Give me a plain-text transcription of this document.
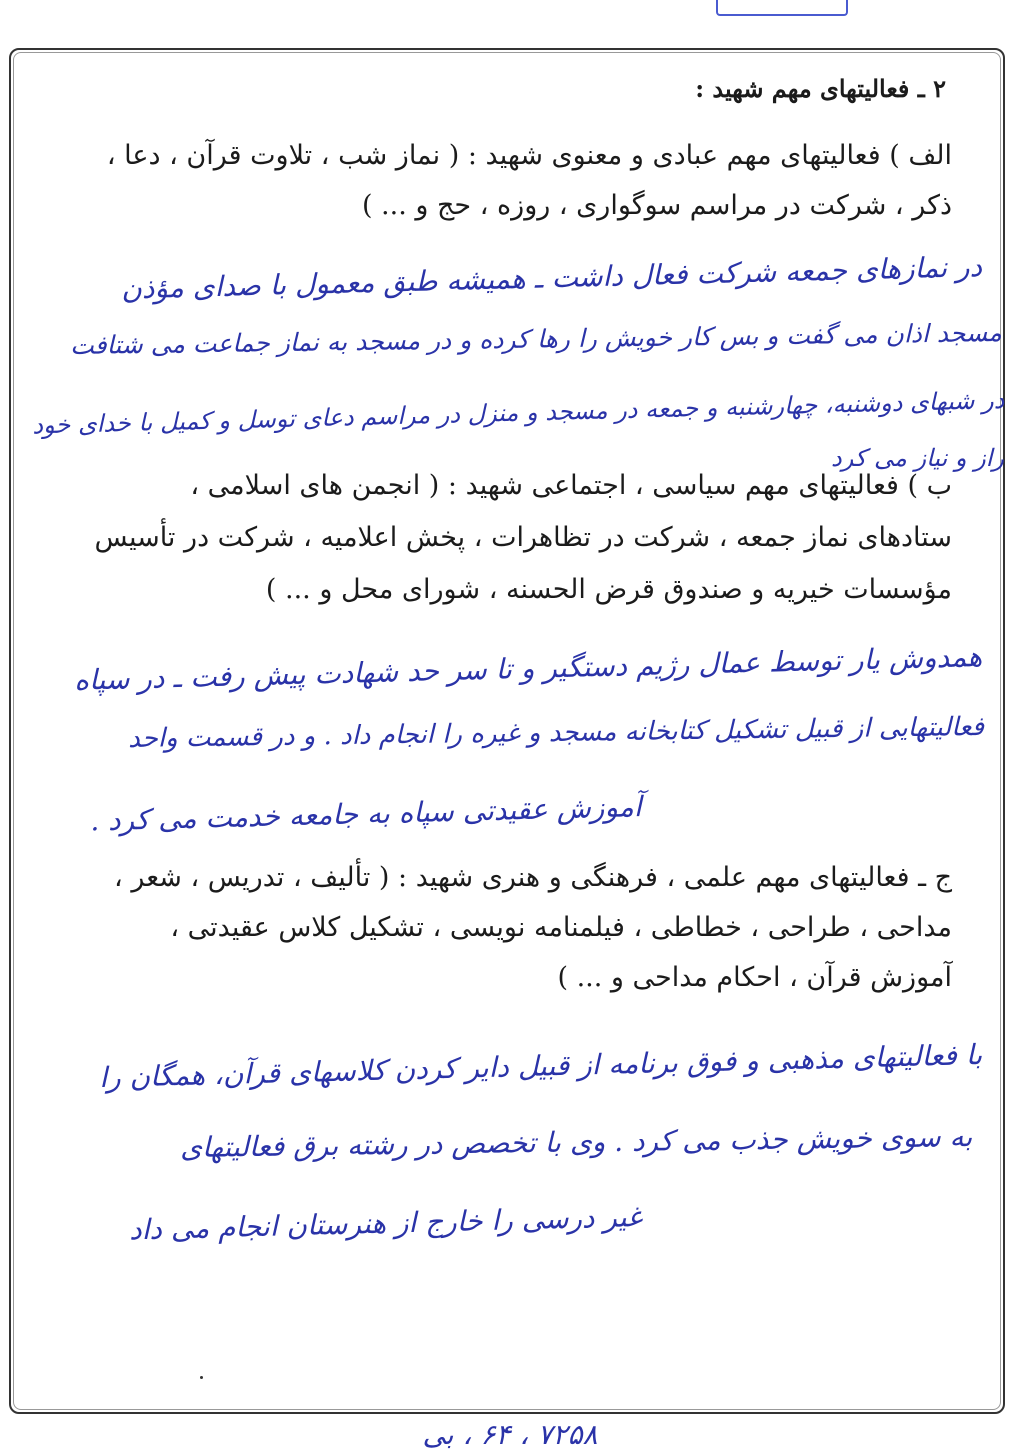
۲ ـ فعالیتهای مهم شهید :
الف ) فعالیتهای مهم عبادی و معنوی شهید : ( نماز شب ، تلاوت قرآن ، دعا ،
ذکر ، شرکت در مراسم سوگواری ، روزه ، حج و ... )
در نمازهای جمعه شرکت فعال داشت ـ همیشه طبق معمول با صدای مؤذن
مسجد اذان می گفت و بس کار خویش را رها کرده و در مسجد به نماز جماعت می شتافت
در شبهای دوشنبه، چهارشنبه و جمعه در مسجد و منزل در مراسم دعای توسل و کمیل با خدای خود
راز و نیاز می کرد
ب ) فعالیتهای مهم سیاسی ، اجتماعی شهید : ( انجمن های اسلامی ،
ستادهای نماز جمعه ، شرکت در تظاهرات ، پخش اعلامیه ، شرکت در تأسیس
مؤسسات خیریه و صندوق قرض الحسنه ، شورای محل و ... )
همدوش یار توسط عمال رژیم دستگیر و تا سر حد شهادت پیش رفت ـ در سپاه
فعالیتهایی از قبیل تشکیل کتابخانه مسجد و غیره را انجام داد . و در قسمت واحد
آموزش عقیدتی سپاه به جامعه خدمت می کرد .
ج ـ فعالیتهای مهم علمی ، فرهنگی و هنری شهید : ( تألیف ، تدریس ، شعر ،
مداحی ، طراحی ، خطاطی ، فیلمنامه نویسی ، تشکیل کلاس عقیدتی ،
آموزش قرآن ، احکام مداحی و ... )
با فعالیتهای مذهبی و فوق برنامه از قبیل دایر کردن کلاسهای قرآن، همگان را
به سوی خویش جذب می کرد . وی با تخصص در رشته برق فعالیتهای
غیر درسی را خارج از هنرستان انجام می داد
۷۲۵۸ ، ۶۴ ، بی
